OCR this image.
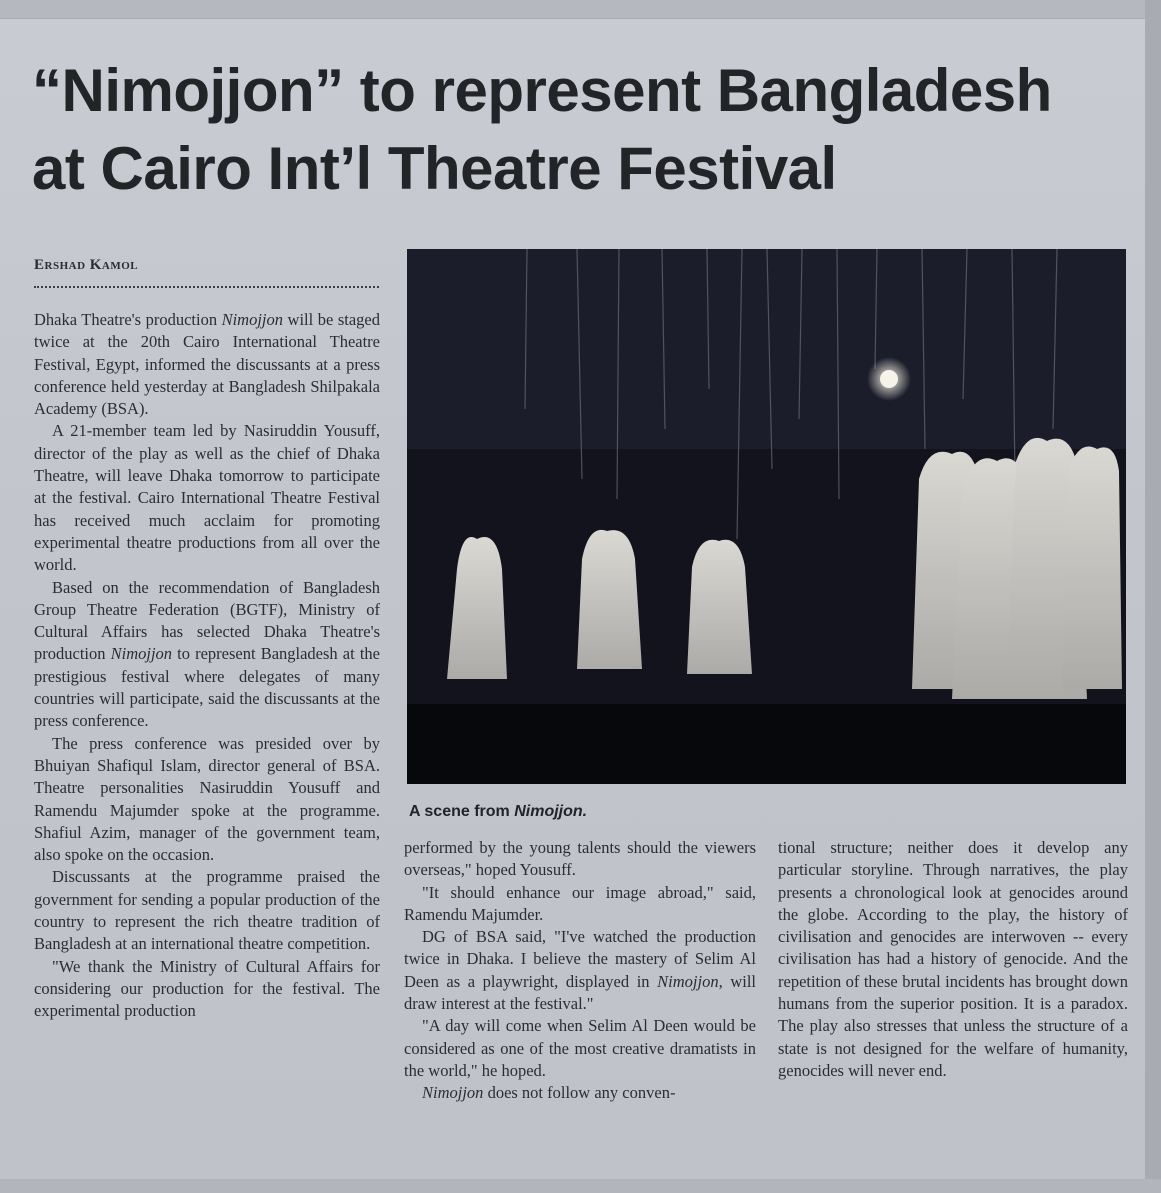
“Nimojjon” to represent Bangladesh
at Cairo Int’l Theatre Festival
Ershad Kamol

Dhaka Theatre's production Nimojjon will be staged twice at the 20th Cairo International Theatre Festival, Egypt, informed the discussants at a press conference held yesterday at Bangladesh Shilpakala Academy (BSA).

A 21-member team led by Nasiruddin Yousuff, director of the play as well as the chief of Dhaka Theatre, will leave Dhaka tomorrow to participate at the festival. Cairo International Theatre Festival has received much acclaim for promoting experimental theatre productions from all over the world.

Based on the recommendation of Bangladesh Group Theatre Federation (BGTF), Ministry of Cultural Affairs has selected Dhaka Theatre's production Nimojjon to represent Bangladesh at the prestigious festival where delegates of many countries will participate, said the discussants at the press conference.

The press conference was presided over by Bhuiyan Shafiqul Islam, director general of BSA. Theatre personalities Nasiruddin Yousuff and Ramendu Majumder spoke at the programme. Shafiul Azim, manager of the government team, also spoke on the occasion.

Discussants at the programme praised the government for sending a popular production of the country to represent the rich theatre tradition of Bangladesh at an international theatre competition.

"We thank the Ministry of Cultural Affairs for considering our production for the festival. The experimental production

A scene from Nimojjon.

performed by the young talents should the viewers overseas," hoped Yousuff.

"It should enhance our image abroad," said, Ramendu Majumder.

DG of BSA said, "I've watched the production twice in Dhaka. I believe the mastery of Selim Al Deen as a playwright, displayed in Nimojjon, will draw interest at the festival."

"A day will come when Selim Al Deen would be considered as one of the most creative dramatists in the world," he hoped.

Nimojjon does not follow any conven-

tional structure; neither does it develop any particular storyline. Through narratives, the play presents a chronological look at genocides around the globe. According to the play, the history of civilisation and genocides are interwoven -- every civilisation has had a history of genocide. And the repetition of these brutal incidents has brought down humans from the superior position. It is a paradox. The play also stresses that unless the structure of a state is not designed for the welfare of humanity, genocides will never end.
